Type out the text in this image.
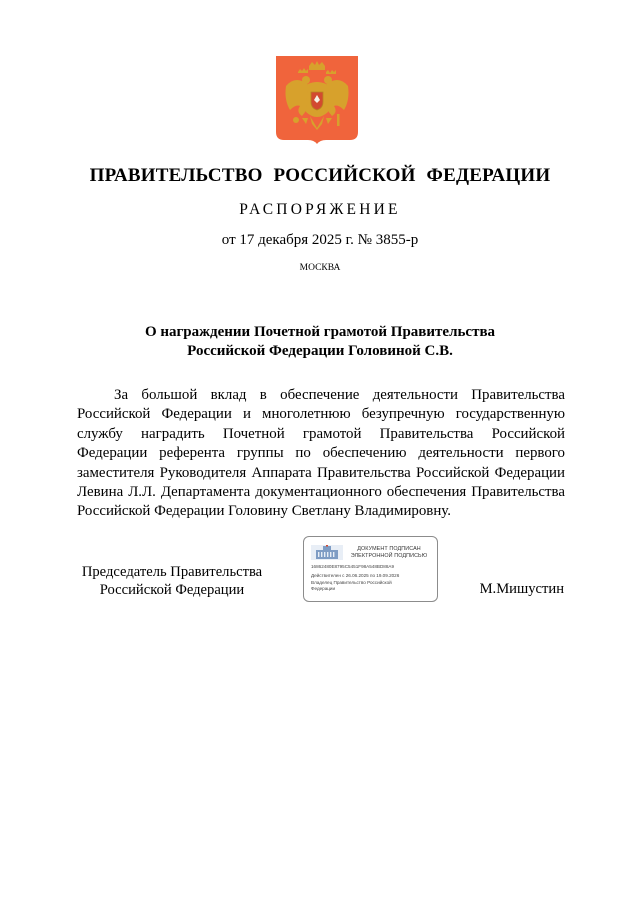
ПРАВИТЕЛЬСТВО РОССИЙСКОЙ ФЕДЕРАЦИИ
РАСПОРЯЖЕНИЕ
от 17 декабря 2025 г. № 3855-р
МОСКВА
О награждении Почетной грамотой Правительства
Российской Федерации Головиной С.В.

За большой вклад в обеспечение деятельности Правительства Российской Федерации и многолетнюю безупречную государственную службу наградить Почетной грамотой Правительства Российской Федерации референта группы по обеспечению деятельности первого заместителя Руководителя Аппарата Правительства Российской Федерации Левина Л.Л. Департамента документационного обеспечения Правительства Российской Федерации Головину Светлану Владимировну.

Председатель Правительства
Российской Федерации
ДОКУМЕНТ ПОДПИСАН
ЭЛЕКТРОННОЙ ПОДПИСЬЮ
16862480E8795C5451F98A548BD88A9
Действителен с 26.06.2025 по 19.09.2026
Владелец Правительство Российской
Федерации	М.Мишустин
